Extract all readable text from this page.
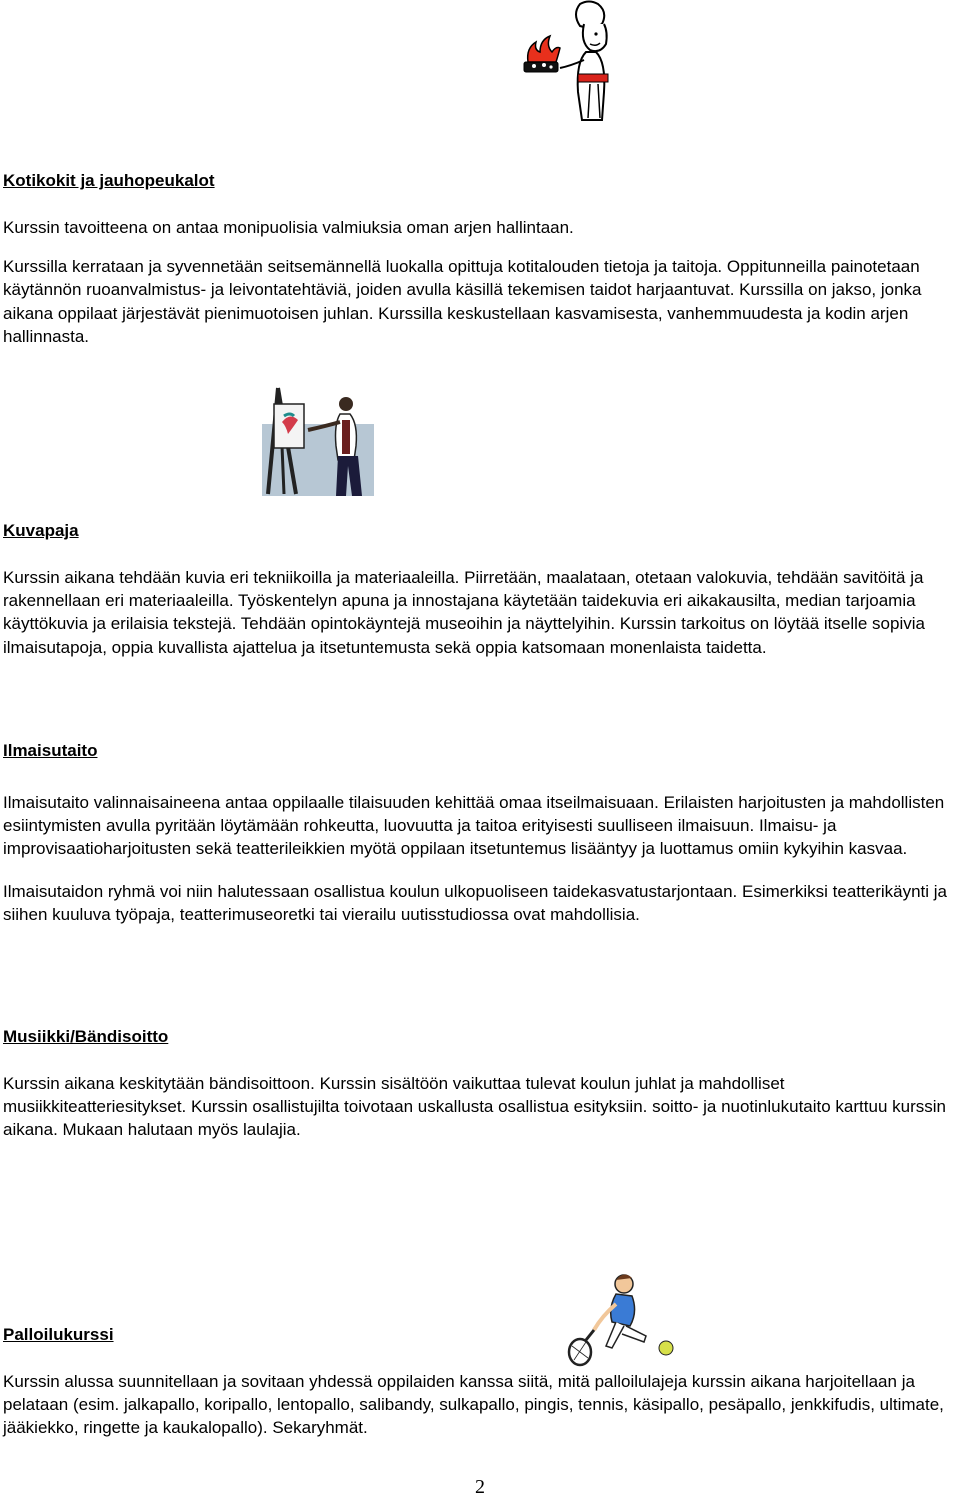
Kotikokit ja jauhopeukalot

Kurssin tavoitteena on antaa monipuolisia valmiuksia oman arjen hallintaan.

Kurssilla kerrataan ja syvennetään seitsemännellä luokalla opittuja kotitalouden tietoja ja taitoja. Oppitunneilla painotetaan käytännön ruoanvalmistus- ja leivontatehtäviä, joiden avulla käsillä tekemisen taidot harjaantuvat. Kurssilla on jakso, jonka aikana oppilaat järjestävät pienimuotoisen juhlan. Kurssilla keskustellaan kasvamisesta, vanhemmuudesta ja kodin arjen hallinnasta.

Kuvapaja

Kurssin aikana tehdään kuvia eri tekniikoilla ja materiaaleilla. Piirretään, maalataan, otetaan valokuvia, tehdään savitöitä ja rakennellaan eri materiaaleilla. Työskentelyn apuna ja innostajana käytetään taidekuvia eri aikakausilta, median tarjoamia käyttökuvia ja erilaisia tekstejä. Tehdään opintokäyntejä museoihin ja näyttelyihin. Kurssin tarkoitus on löytää itselle sopivia ilmaisutapoja, oppia kuvallista ajattelua ja itsetuntemusta sekä oppia katsomaan monenlaista taidetta.

Ilmaisutaito

Ilmaisutaito valinnaisaineena antaa oppilaalle tilaisuuden kehittää omaa itseilmaisuaan. Erilaisten harjoitusten ja mahdollisten esiintymisten avulla pyritään löytämään rohkeutta, luovuutta ja taitoa erityisesti suulliseen ilmaisuun. Ilmaisu- ja improvisaatioharjoitusten sekä teatterileikkien myötä oppilaan itsetuntemus lisääntyy ja luottamus omiin kykyihin kasvaa.

Ilmaisutaidon ryhmä voi niin halutessaan osallistua koulun ulkopuoliseen taidekasvatustarjontaan. Esimerkiksi teatterikäynti ja siihen kuuluva työpaja, teatterimuseoretki tai vierailu uutisstudiossa ovat mahdollisia.

Musiikki/Bändisoitto

Kurssin aikana keskitytään bändisoittoon. Kurssin sisältöön vaikuttaa tulevat koulun juhlat ja mahdolliset musiikkiteatteriesitykset. Kurssin osallistujilta toivotaan uskallusta osallistua esityksiin. soitto- ja nuotinlukutaito karttuu kurssin aikana. Mukaan halutaan myös laulajia.

Palloilukurssi

Kurssin alussa suunnitellaan ja sovitaan yhdessä oppilaiden kanssa siitä, mitä palloilulajeja kurssin aikana harjoitellaan ja pelataan (esim. jalkapallo, koripallo, lentopallo, salibandy, sulkapallo, pingis, tennis, käsipallo, pesäpallo, jenkkifudis, ultimate, jääkiekko, ringette ja kaukalopallo). Sekaryhmät.

2
